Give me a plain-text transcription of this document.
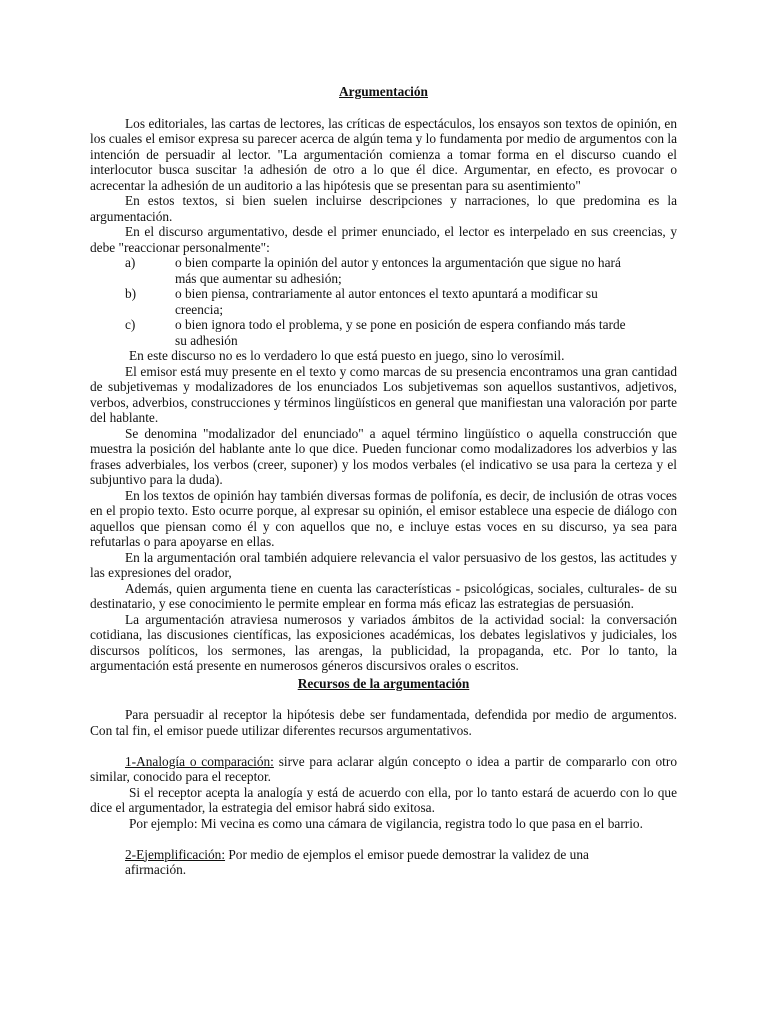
Argumentación

Los editoriales, las cartas de lectores, las críticas de espectáculos, los ensayos son textos de opinión, en los cuales el emisor expresa su parecer acerca de algún tema y lo fundamenta por medio de argumentos con la intención de persuadir al lector. "La argumentación comienza a tomar forma en el discurso cuando el interlocutor busca suscitar !a adhesión de otro a lo que él dice. Argumentar, en efecto, es provocar o acrecentar la adhesión de un auditorio a las hipótesis que se presentan para su asentimiento"

En estos textos, si bien suelen incluirse descripciones y narraciones, lo que predomina es la argumentación.

En el discurso argumentativo, desde el primer enunciado, el lector es interpelado en sus creencias, y debe "reaccionar personalmente":

a)	o bien comparte la opinión del autor y entonces la argumentación que sigue no hará más que aumentar su adhesión;
b)	o bien piensa, contrariamente al autor entonces el texto apuntará a modificar su creencia;
c)	o bien ignora todo el problema, y se pone en posición de espera confiando más tarde su adhesión

En este discurso no es lo verdadero lo que está puesto en juego, sino lo verosímil.

El emisor está muy presente en el texto y como marcas de su presencia encontramos una gran cantidad de subjetivemas y modalizadores de los enunciados Los subjetivemas son aquellos sustantivos, adjetivos, verbos, adverbios, construcciones y términos lingüísticos en general que manifiestan una valoración por parte del hablante.

Se denomina "modalizador del enunciado" a aquel término lingüístico o aquella construcción que muestra la posición del hablante ante lo que dice. Pueden funcionar como modalizadores los adverbios y las frases adverbiales, los verbos (creer, suponer) y los modos verbales (el indicativo se usa para la certeza y el subjuntivo para la duda).

En los textos de opinión hay también diversas formas de polifonía, es decir, de inclusión de otras voces en el propio texto. Esto ocurre porque, al expresar su opinión, el emisor establece una especie de diálogo con aquellos que piensan como él y con aquellos que no, e incluye estas voces en su discurso, ya sea para refutarlas o para apoyarse en ellas.

En la argumentación oral también adquiere relevancia el valor persuasivo de los gestos, las actitudes y las expresiones del orador,

Además, quien argumenta tiene en cuenta las características - psicológicas, sociales, culturales- de su destinatario, y ese conocimiento le permite emplear en forma más eficaz las estrategias de persuasión.

La argumentación atraviesa numerosos y variados ámbitos de la actividad social: la conversación cotidiana, las discusiones científicas, las exposiciones académicas, los debates legislativos y judiciales, los discursos políticos, los sermones, las arengas, la publicidad, la propaganda, etc. Por lo tanto, la argumentación está presente en numerosos géneros discursivos orales o escritos.

Recursos de la argumentación

Para persuadir al receptor la hipótesis debe ser fundamentada, defendida por medio de argumentos. Con tal fin, el emisor puede utilizar diferentes recursos argumentativos.

1-Analogía o comparación: sirve para aclarar algún concepto o idea a partir de compararlo con otro similar, conocido para el receptor.

Si el receptor acepta la analogía y está de acuerdo con ella, por lo tanto estará de acuerdo con lo que dice el argumentador, la estrategia del emisor habrá sido exitosa.

Por ejemplo: Mi vecina es como una cámara de vigilancia, registra todo lo que pasa en el barrio.

2-Ejemplificación: Por medio de ejemplos el emisor puede demostrar la validez de una afirmación.
